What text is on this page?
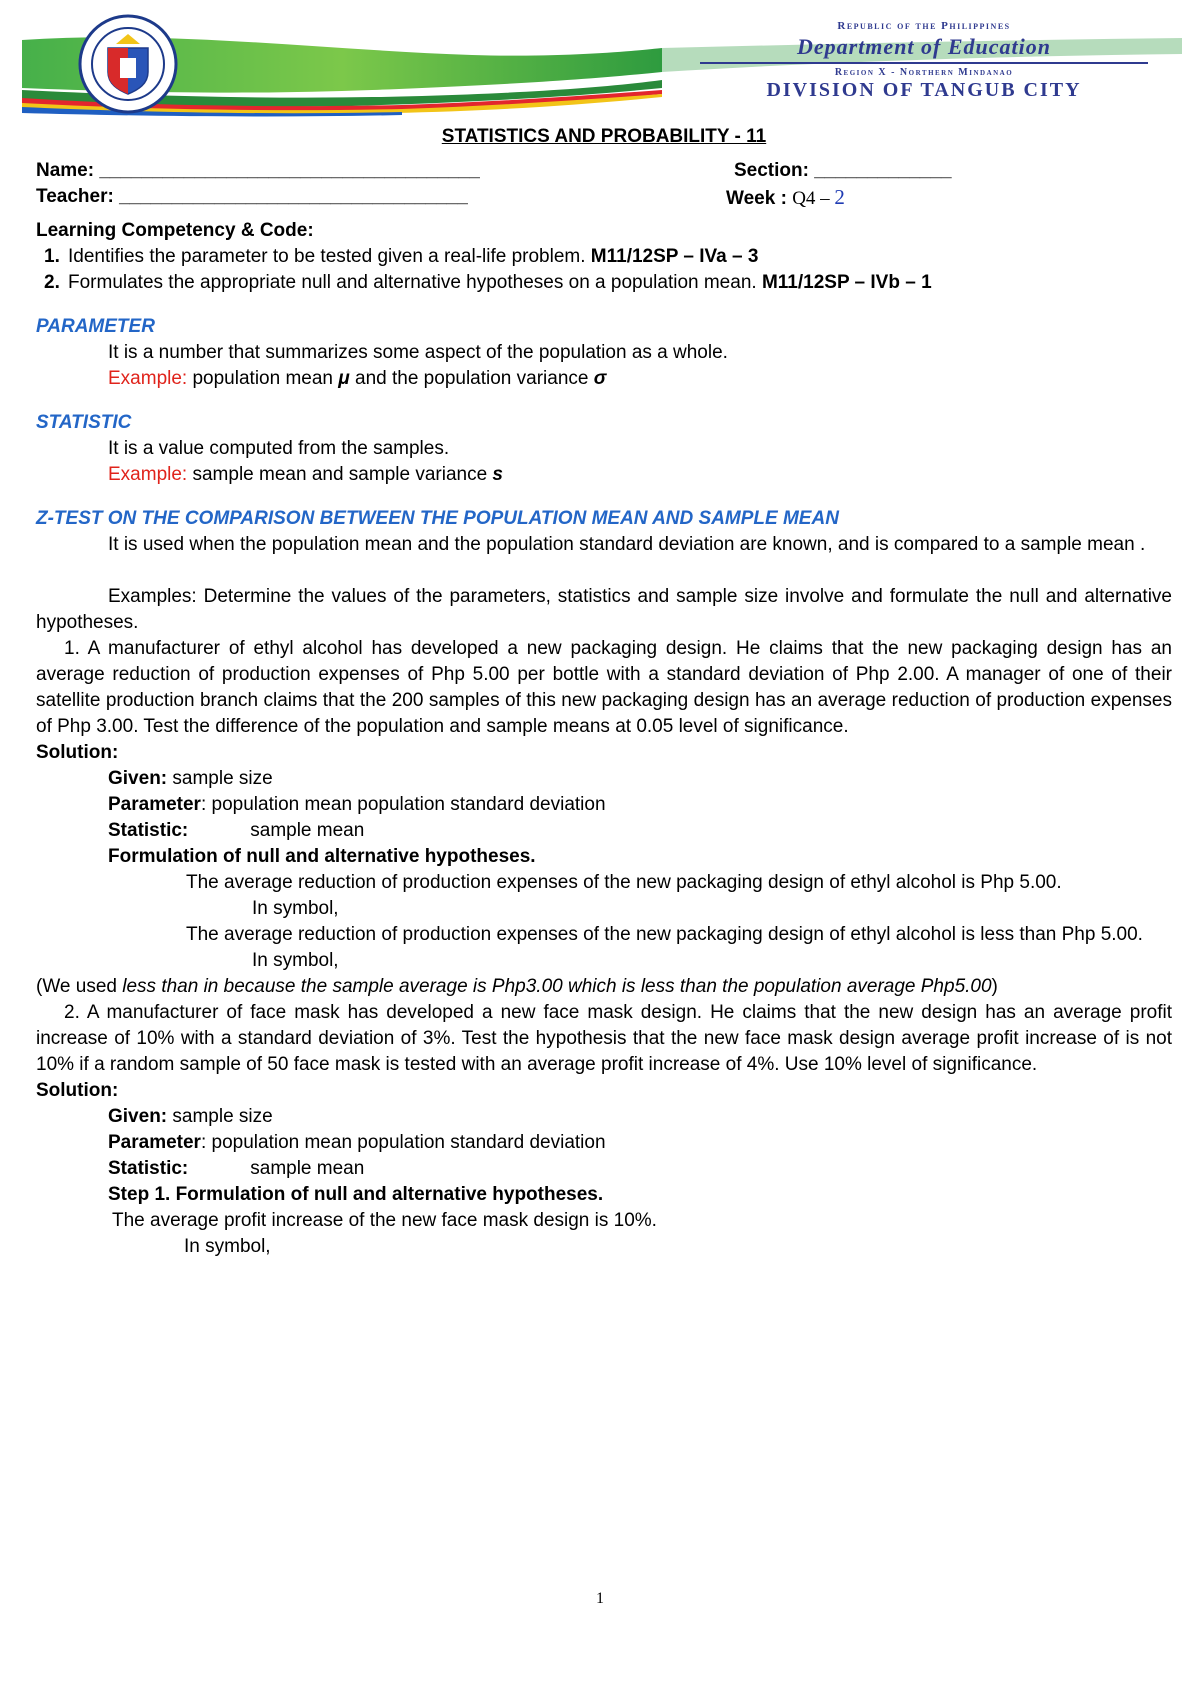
Republic of the Philippines
Department of Education
Region X - Northern Mindanao
DIVISION OF TANGUB CITY
STATISTICS AND PROBABILITY - 11
Name: ____________________________________
Teacher: _________________________________
Section: _____________
Week : Q4 – 2
Learning Competency & Code:
1. Identifies the parameter to be tested given a real-life problem. M11/12SP – IVa – 3
2. Formulates the appropriate null and alternative hypotheses on a population mean. M11/12SP – IVb – 1
PARAMETER
It is a number that summarizes some aspect of the population as a whole.
Example: population mean μ and the population variance σ
STATISTIC
It is a value computed from the samples.
Example: sample mean and sample variance s
Z-TEST ON THE COMPARISON BETWEEN THE POPULATION MEAN AND SAMPLE MEAN
It is used when the population mean and the population standard deviation are known, and is compared to a sample mean .
Examples: Determine the values of the parameters, statistics and sample size involve and formulate the null and alternative hypotheses.
1. A manufacturer of ethyl alcohol has developed a new packaging design. He claims that the new packaging design has an average reduction of production expenses of Php 5.00 per bottle with a standard deviation of Php 2.00. A manager of one of their satellite production branch claims that the 200 samples of this new packaging design has an average reduction of production expenses of Php 3.00. Test the difference of the population and sample means at 0.05 level of significance.
Solution:
Given: sample size
Parameter: population mean population standard deviation
Statistic:	sample mean
Formulation of null and alternative hypotheses.
The average reduction of production expenses of the new packaging design of ethyl alcohol is Php 5.00.
In symbol,
The average reduction of production expenses of the new packaging design of ethyl alcohol is less than Php 5.00.
In symbol,
(We used less than in because the sample average is Php3.00 which is less than the population average Php5.00)
2. A manufacturer of face mask has developed a new face mask design. He claims that the new design has an average profit increase of 10% with a standard deviation of 3%. Test the hypothesis that the new face mask design average profit increase of is not 10% if a random sample of 50 face mask is tested with an average profit increase of 4%. Use 10% level of significance.
Solution:
Given: sample size
Parameter: population mean population standard deviation
Statistic:	sample mean
Step 1. Formulation of null and alternative hypotheses.
The average profit increase of the new face mask design is 10%.
In symbol,
1
